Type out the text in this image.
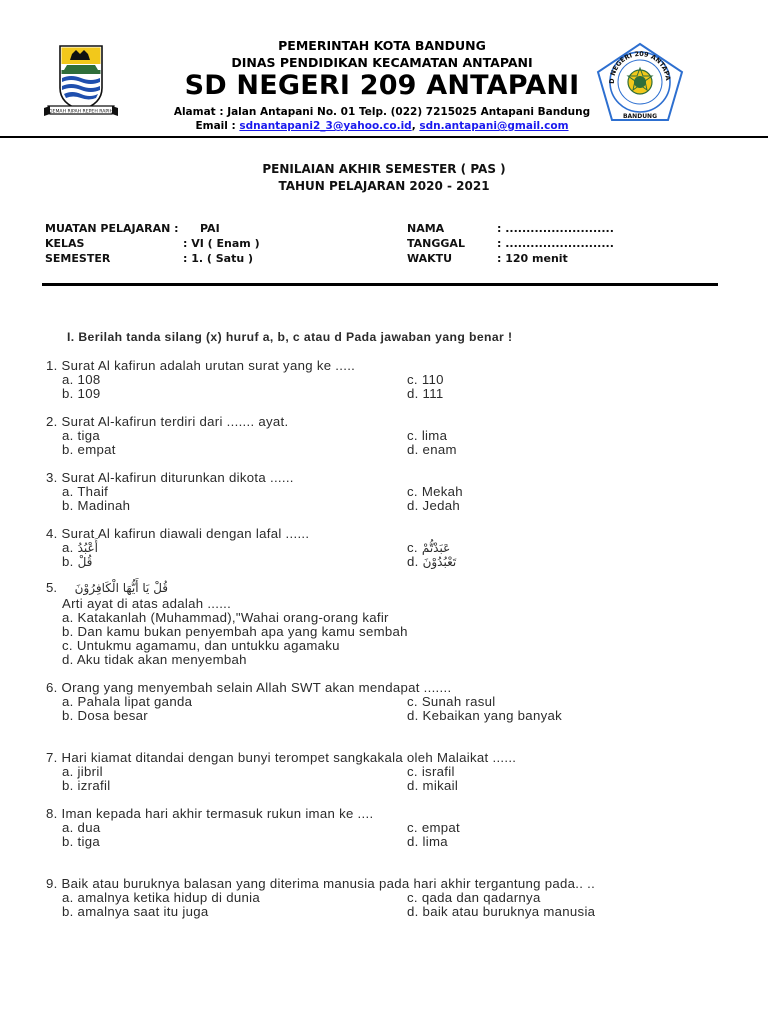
GEMAH RIPAH REPEH RAPIH
PEMERINTAH KOTA BANDUNG
DINAS PENDIDIKAN KECAMATAN ANTAPANI
SD NEGERI 209 ANTAPANI
Alamat : Jalan Antapani No. 01 Telp. (022) 7215025 Antapani Bandung
Email : sdnantapani2_3@yahoo.co.id, sdn.antapani@gmail.com
D NEGERI 209 ANTAPA
BANDUNG
PENILAIAN AKHIR SEMESTER ( PAS )
TAHUN PELAJARAN 2020 - 2021
MUATAN PELAJARAN : PAI
KELAS	: VI ( Enam )
SEMESTER	: 1. ( Satu )
NAMA	: ..........................
TANGGAL	: ..........................
WAKTU	: 120 menit
I. Berilah tanda silang (x) huruf a, b, c atau d Pada jawaban yang benar !
1. Surat Al kafirun adalah urutan surat yang ke .....
a. 108
b. 109
c. 110
d. 111
2. Surat Al-kafirun terdiri dari ....... ayat.
a. tiga
b. empat
c. lima
d. enam
3. Surat Al-kafirun diturunkan dikota ......
a. Thaif
b. Madinah
c. Mekah
d. Jedah
4. Surat Al kafirun diawali dengan lafal ......
a. أَعْبُدُ
b. قُلْ
c. عَبَدْتُّمْ
d. تَعْبُدُوْنَ
5. قُلْ يَا أَيُّهَا الْكَافِرُوْنَ
Arti ayat di atas adalah ......
a. Katakanlah (Muhammad),"Wahai orang-orang kafir
b. Dan kamu bukan penyembah apa yang kamu sembah
c. Untukmu agamamu, dan untukku agamaku
d. Aku tidak akan menyembah
6. Orang yang menyembah selain Allah SWT akan mendapat .......
a. Pahala lipat ganda
b. Dosa besar
c. Sunah rasul
d. Kebaikan yang banyak
7. Hari kiamat ditandai dengan bunyi terompet sangkakala oleh Malaikat ......
a. jibril
b. izrafil
c. israfil
d. mikail
8. Iman kepada hari akhir termasuk rukun iman ke ....
a. dua
b. tiga
c. empat
d. lima
9. Baik atau buruknya balasan yang diterima manusia pada hari akhir tergantung pada.. ..
a. amalnya ketika hidup di dunia
b. amalnya saat itu juga
c. qada dan qadarnya
d. baik atau buruknya manusia
